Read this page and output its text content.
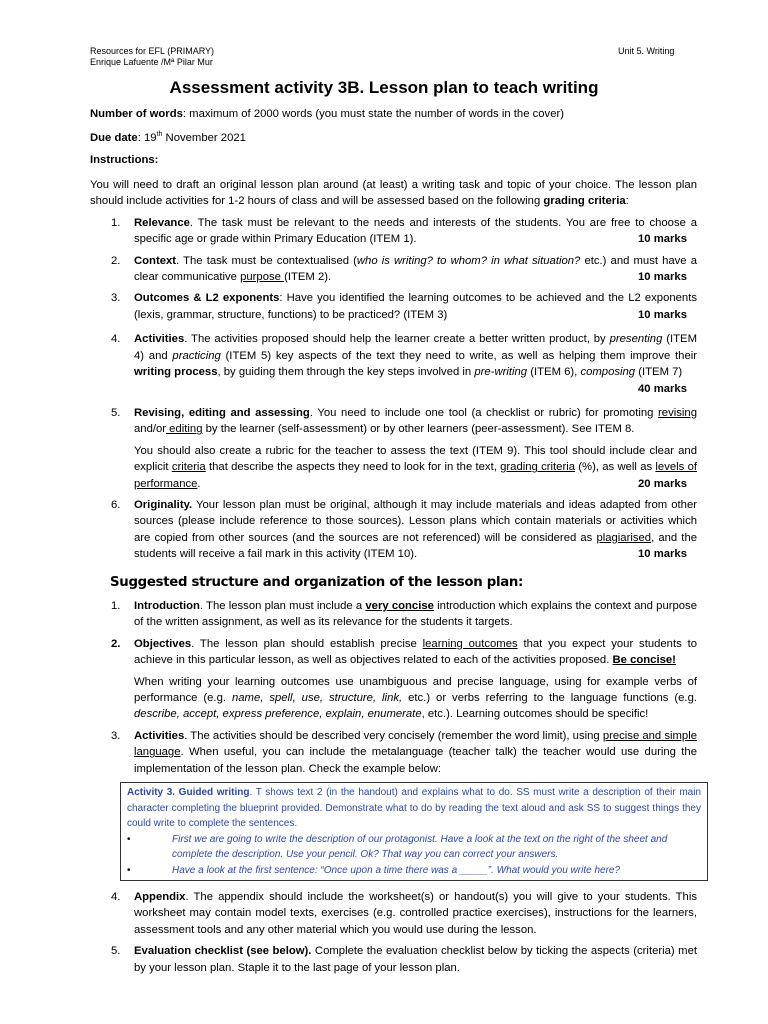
Resources for EFL (PRIMARY)
Enrique Lafuente /Mª Pilar Mur
Unit 5. Writing
Assessment activity 3B. Lesson plan to teach writing

Number of words: maximum of 2000 words (you must state the number of words in the cover)

Due date: 19th November 2021

Instructions:

You will need to draft an original lesson plan around (at least) a writing task and topic of your choice. The lesson plan should include activities for 1-2 hours of class and will be assessed based on the following grading criteria:

1. Relevance. The task must be relevant to the needs and interests of the students. You are free to choose a specific age or grade within Primary Education (ITEM 1).	10 marks
2. Context. The task must be contextualised (who is writing? to whom? in what situation? etc.) and must have a clear communicative purpose (ITEM 2).	10 marks
3. Outcomes & L2 exponents: Have you identified the learning outcomes to be achieved and the L2 exponents (lexis, grammar, structure, functions) to be practiced? (ITEM 3)	10 marks
4. Activities. The activities proposed should help the learner create a better written product, by presenting (ITEM 4) and practicing (ITEM 5) key aspects of the text they need to write, as well as helping them improve their writing process, by guiding them through the key steps involved in pre-writing (ITEM 6), composing (ITEM 7)
40 marks
5. Revising, editing and assessing. You need to include one tool (a checklist or rubric) for promoting revising and/or editing by the learner (self-assessment) or by other learners (peer-assessment). See ITEM 8.
You should also create a rubric for the teacher to assess the text (ITEM 9). This tool should include clear and explicit criteria that describe the aspects they need to look for in the text, grading criteria (%), as well as levels of performance.	20 marks
6. Originality. Your lesson plan must be original, although it may include materials and ideas adapted from other sources (please include reference to those sources). Lesson plans which contain materials or activities which are copied from other sources (and the sources are not referenced) will be considered as plagiarised, and the students will receive a fail mark in this activity (ITEM 10).	10 marks
Suggested structure and organization of the lesson plan:
1. Introduction. The lesson plan must include a very concise introduction which explains the context and purpose of the written assignment, as well as its relevance for the students it targets.
2. Objectives. The lesson plan should establish precise learning outcomes that you expect your students to achieve in this particular lesson, as well as objectives related to each of the activities proposed. Be concise!
When writing your learning outcomes use unambiguous and precise language, using for example verbs of performance (e.g. name, spell, use, structure, link, etc.) or verbs referring to the language functions (e.g. describe, accept, express preference, explain, enumerate, etc.). Learning outcomes should be specific!
3. Activities. The activities should be described very concisely (remember the word limit), using precise and simple language. When useful, you can include the metalanguage (teacher talk) the teacher would use during the implementation of the lesson plan. Check the example below:
Activity 3. Guided writing. T shows text 2 (in the handout) and explains what to do. SS must write a description of their main character completing the blueprint provided. Demonstrate what to do by reading the text aloud and ask SS to suggest things they could write to complete the sentences.
•	First we are going to write the description of our protagonist. Have a look at the text on the right of the sheet and complete the description. Use your pencil. Ok? That way you can correct your answers.
•	Have a look at the first sentence: “Once upon a time there was a _____”. What would you write here?
4. Appendix. The appendix should include the worksheet(s) or handout(s) you will give to your students. This worksheet may contain model texts, exercises (e.g. controlled practice exercises), instructions for the learners, assessment tools and any other material which you would use during the lesson.
5. Evaluation checklist (see below). Complete the evaluation checklist below by ticking the aspects (criteria) met by your lesson plan. Staple it to the last page of your lesson plan.
